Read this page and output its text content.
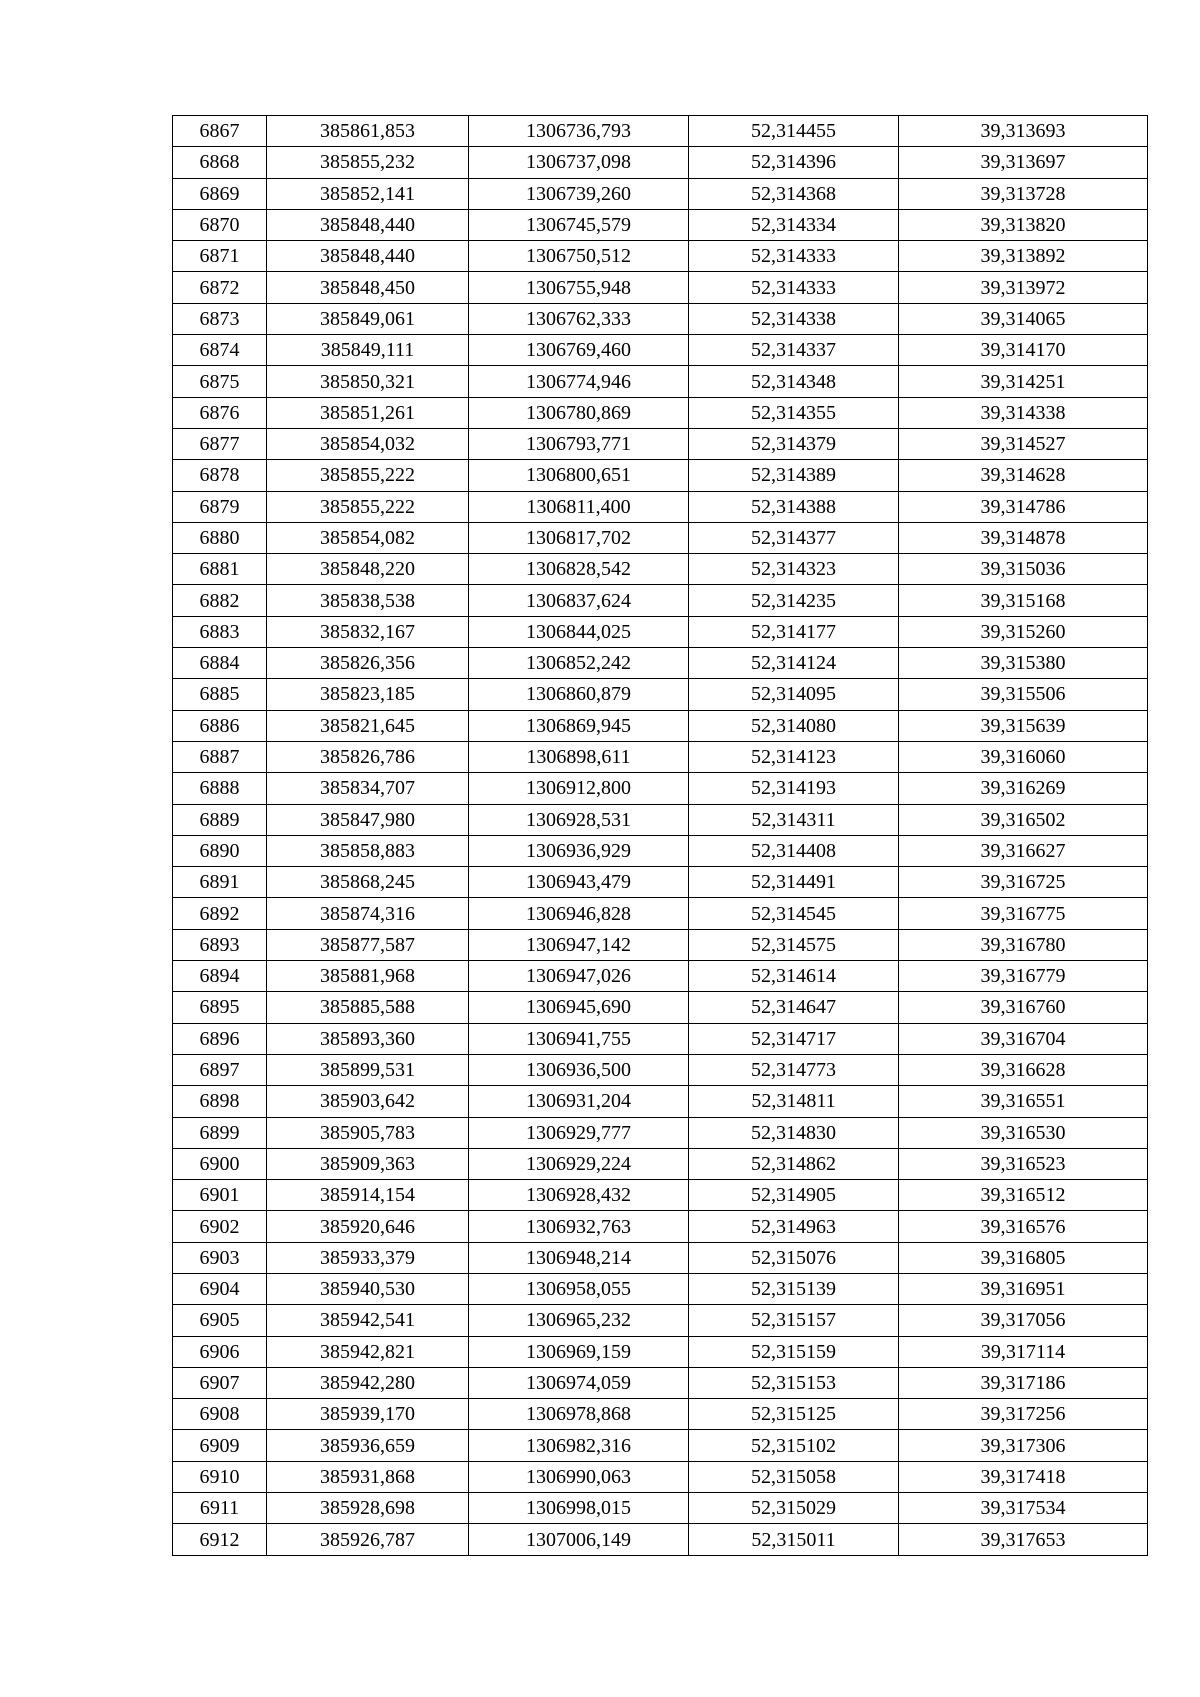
6867	385861,853	1306736,793	52,314455	39,313693
6868	385855,232	1306737,098	52,314396	39,313697
6869	385852,141	1306739,260	52,314368	39,313728
6870	385848,440	1306745,579	52,314334	39,313820
6871	385848,440	1306750,512	52,314333	39,313892
6872	385848,450	1306755,948	52,314333	39,313972
6873	385849,061	1306762,333	52,314338	39,314065
6874	385849,111	1306769,460	52,314337	39,314170
6875	385850,321	1306774,946	52,314348	39,314251
6876	385851,261	1306780,869	52,314355	39,314338
6877	385854,032	1306793,771	52,314379	39,314527
6878	385855,222	1306800,651	52,314389	39,314628
6879	385855,222	1306811,400	52,314388	39,314786
6880	385854,082	1306817,702	52,314377	39,314878
6881	385848,220	1306828,542	52,314323	39,315036
6882	385838,538	1306837,624	52,314235	39,315168
6883	385832,167	1306844,025	52,314177	39,315260
6884	385826,356	1306852,242	52,314124	39,315380
6885	385823,185	1306860,879	52,314095	39,315506
6886	385821,645	1306869,945	52,314080	39,315639
6887	385826,786	1306898,611	52,314123	39,316060
6888	385834,707	1306912,800	52,314193	39,316269
6889	385847,980	1306928,531	52,314311	39,316502
6890	385858,883	1306936,929	52,314408	39,316627
6891	385868,245	1306943,479	52,314491	39,316725
6892	385874,316	1306946,828	52,314545	39,316775
6893	385877,587	1306947,142	52,314575	39,316780
6894	385881,968	1306947,026	52,314614	39,316779
6895	385885,588	1306945,690	52,314647	39,316760
6896	385893,360	1306941,755	52,314717	39,316704
6897	385899,531	1306936,500	52,314773	39,316628
6898	385903,642	1306931,204	52,314811	39,316551
6899	385905,783	1306929,777	52,314830	39,316530
6900	385909,363	1306929,224	52,314862	39,316523
6901	385914,154	1306928,432	52,314905	39,316512
6902	385920,646	1306932,763	52,314963	39,316576
6903	385933,379	1306948,214	52,315076	39,316805
6904	385940,530	1306958,055	52,315139	39,316951
6905	385942,541	1306965,232	52,315157	39,317056
6906	385942,821	1306969,159	52,315159	39,317114
6907	385942,280	1306974,059	52,315153	39,317186
6908	385939,170	1306978,868	52,315125	39,317256
6909	385936,659	1306982,316	52,315102	39,317306
6910	385931,868	1306990,063	52,315058	39,317418
6911	385928,698	1306998,015	52,315029	39,317534
6912	385926,787	1307006,149	52,315011	39,317653
